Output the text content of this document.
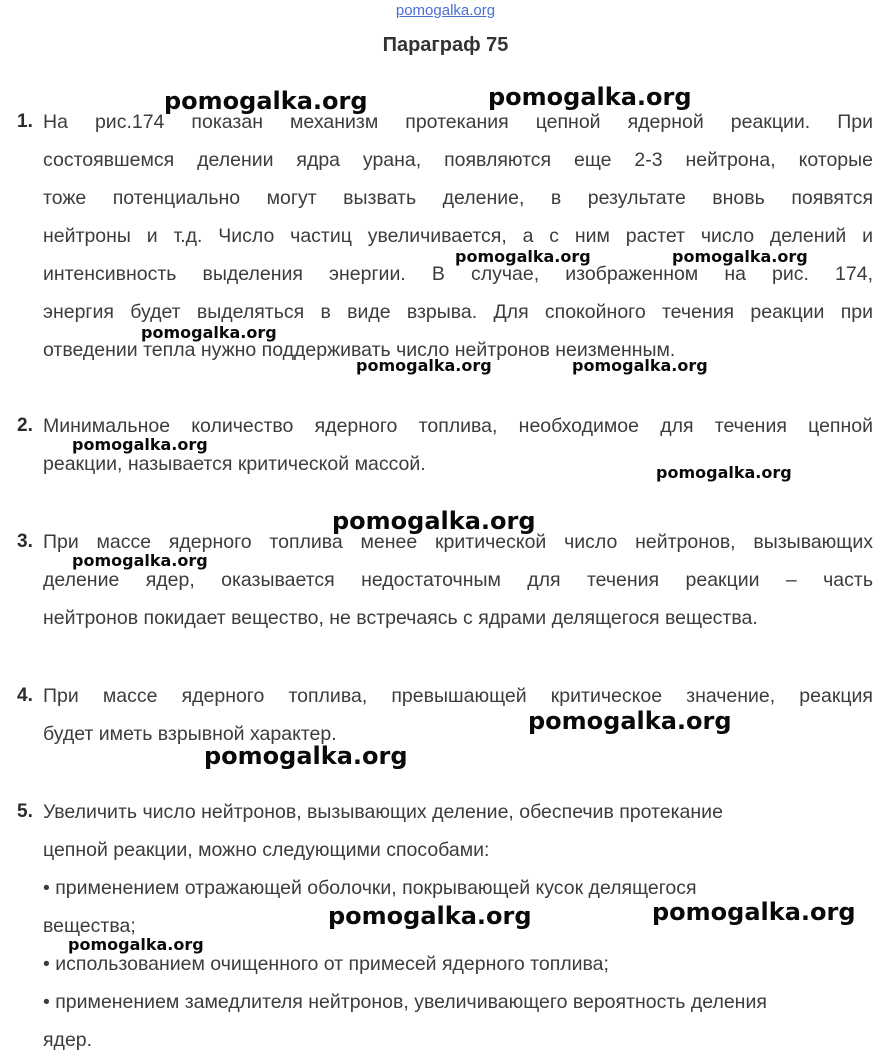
pomogalka.org
Параграф 75
1. На рис.174 показан механизм протекания цепной ядерной реакции. При
состоявшемся делении ядра урана, появляются еще 2-3 нейтрона, которые
тоже потенциально могут вызвать деление, в результате вновь появятся
нейтроны и т.д. Число частиц увеличивается, а с ним растет число делений и
интенсивность выделения энергии. В случае, изображенном на рис. 174,
энергия будет выделяться в виде взрыва. Для спокойного течения реакции при
отведении тепла нужно поддерживать число нейтронов неизменным.
2. Минимальное количество ядерного топлива, необходимое для течения цепной
реакции, называется критической массой.
3. При массе ядерного топлива менее критической число нейтронов, вызывающих
деление ядер, оказывается недостаточным для течения реакции – часть
нейтронов покидает вещество, не встречаясь с ядрами делящегося вещества.
4. При массе ядерного топлива, превышающей критическое значение, реакция
будет иметь взрывной характер.
5. Увеличить число нейтронов, вызывающих деление, обеспечив протекание
цепной реакции, можно следующими способами:
• применением отражающей оболочки, покрывающей кусок делящегося
вещества;
• использованием очищенного от примесей ядерного топлива;
• применением замедлителя нейтронов, увеличивающего вероятность деления
ядер.
pomogalka.org	pomogalka.org
pomogalka.org	pomogalka.org
pomogalka.org
pomogalka.org	pomogalka.org
pomogalka.org
pomogalka.org
pomogalka.org
pomogalka.org
pomogalka.org
pomogalka.org
pomogalka.org	pomogalka.org
pomogalka.org
